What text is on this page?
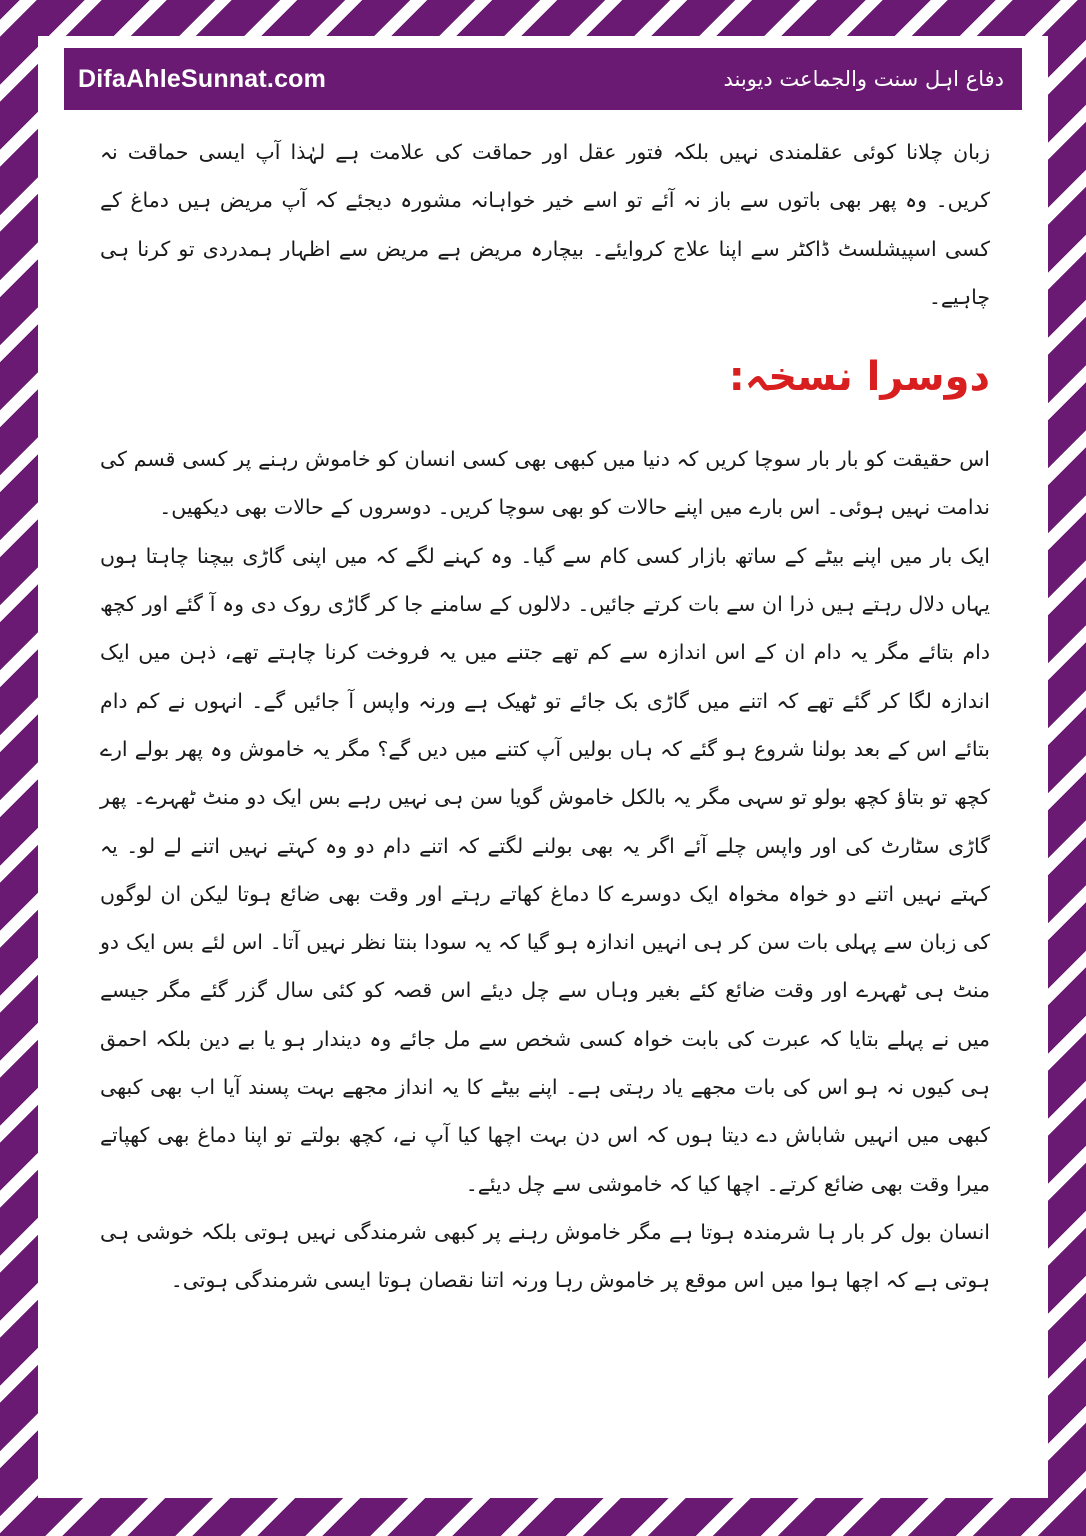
DifaAhleSunnat.com	دفاع اہل سنت والجماعت دیوبند

زبان چلانا کوئی عقلمندی نہیں بلکہ فتور عقل اور حماقت کی علامت ہے لہٰذا آپ ایسی حماقت نہ کریں۔ وہ پھر بھی باتوں سے باز نہ آئے تو اسے خیر خواہانہ مشورہ دیجئے کہ آپ مریض ہیں دماغ کے کسی اسپیشلسٹ ڈاکٹر سے اپنا علاج کروایئے۔ بیچارہ مریض ہے مریض سے اظہار ہمدردی تو کرنا ہی چاہیے۔

دوسرا نسخہ:

اس حقیقت کو بار بار سوچا کریں کہ دنیا میں کبھی بھی کسی انسان کو خاموش رہنے پر کسی قسم کی ندامت نہیں ہوئی۔ اس بارے میں اپنے حالات کو بھی سوچا کریں۔ دوسروں کے حالات بھی دیکھیں۔

ایک بار میں اپنے بیٹے کے ساتھ بازار کسی کام سے گیا۔ وہ کہنے لگے کہ میں اپنی گاڑی بیچنا چاہتا ہوں یہاں دلال رہتے ہیں ذرا ان سے بات کرتے جائیں۔ دلالوں کے سامنے جا کر گاڑی روک دی وہ آ گئے اور کچھ دام بتائے مگر یہ دام ان کے اس اندازہ سے کم تھے جتنے میں یہ فروخت کرنا چاہتے تھے، ذہن میں ایک اندازہ لگا کر گئے تھے کہ اتنے میں گاڑی بک جائے تو ٹھیک ہے ورنہ واپس آ جائیں گے۔ انہوں نے کم دام بتائے اس کے بعد بولنا شروع ہو گئے کہ ہاں بولیں آپ کتنے میں دیں گے؟ مگر یہ خاموش وہ پھر بولے ارے کچھ تو بتاؤ کچھ بولو تو سہی مگر یہ بالکل خاموش گویا سن ہی نہیں رہے بس ایک دو منٹ ٹھہرے۔ پھر گاڑی سٹارٹ کی اور واپس چلے آئے اگر یہ بھی بولنے لگتے کہ اتنے دام دو وہ کہتے نہیں اتنے لے لو۔ یہ کہتے نہیں اتنے دو خواہ مخواہ ایک دوسرے کا دماغ کھاتے رہتے اور وقت بھی ضائع ہوتا لیکن ان لوگوں کی زبان سے پہلی بات سن کر ہی انہیں اندازہ ہو گیا کہ یہ سودا بنتا نظر نہیں آتا۔ اس لئے بس ایک دو منٹ ہی ٹھہرے اور وقت ضائع کئے بغیر وہاں سے چل دیئے اس قصہ کو کئی سال گزر گئے مگر جیسے میں نے پہلے بتایا کہ عبرت کی بابت خواہ کسی شخص سے مل جائے وہ دیندار ہو یا بے دین بلکہ احمق ہی کیوں نہ ہو اس کی بات مجھے یاد رہتی ہے۔ اپنے بیٹے کا یہ انداز مجھے بہت پسند آیا اب بھی کبھی کبھی میں انہیں شاباش دے دیتا ہوں کہ اس دن بہت اچھا کیا آپ نے، کچھ بولتے تو اپنا دماغ بھی کھپاتے میرا وقت بھی ضائع کرتے۔ اچھا کیا کہ خاموشی سے چل دیئے۔

انسان بول کر بار ہا شرمندہ ہوتا ہے مگر خاموش رہنے پر کبھی شرمندگی نہیں ہوتی بلکہ خوشی ہی ہوتی ہے کہ اچھا ہوا میں اس موقع پر خاموش رہا ورنہ اتنا نقصان ہوتا ایسی شرمندگی ہوتی۔
